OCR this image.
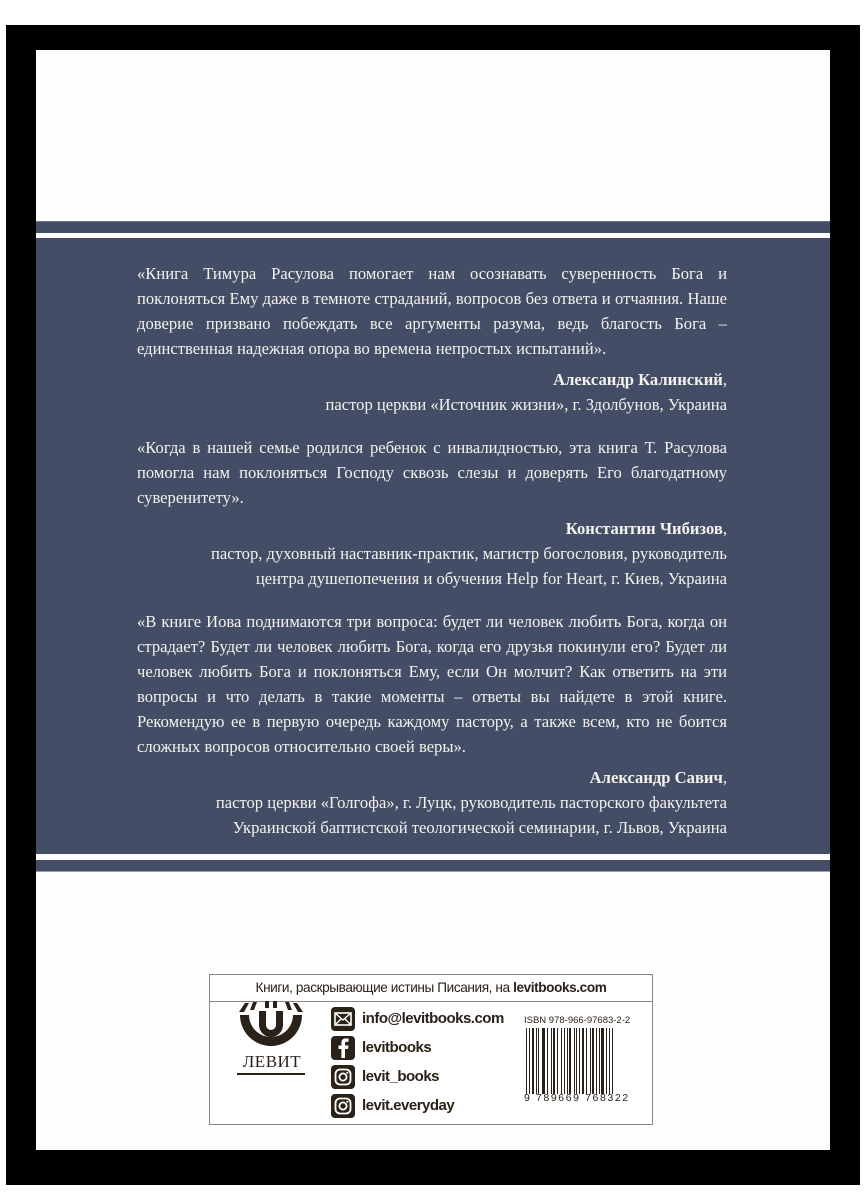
«Книга Тимура Расулова помогает нам осознавать суверенность Бога и поклоняться Ему даже в темноте страданий, вопросов без ответа и отчаяния. Наше доверие призвано побеждать все аргументы разума, ведь благость Бога – единственная надежная опора во времена непростых испытаний».

Александр Калинский,

пастор церкви «Источник жизни», г. Здолбунов, Украина

«Когда в нашей семье родился ребенок с инвалидностью, эта книга Т. Расулова помогла нам поклоняться Господу сквозь слезы и доверять Его благодатному суверенитету».

Константин Чибизов,

пастор, духовный наставник-практик, магистр богословия, руководитель

центра душепопечения и обучения Help for Heart, г. Киев, Украина

«В книге Иова поднимаются три вопроса: будет ли человек любить Бога, когда он страдает? Будет ли человек любить Бога, когда его друзья покинули его? Будет ли человек любить Бога и поклоняться Ему, если Он молчит? Как ответить на эти вопросы и что делать в такие моменты – ответы вы найдете в этой книге. Рекомендую ее в первую очередь каждому пастору, а также всем, кто не боится сложных вопросов относительно своей веры».

Александр Савич,

пастор церкви «Голгофа», г. Луцк, руководитель пасторского факультета

Украинской баптистской теологической семинарии, г. Львов, Украина

Книги, раскрывающие истины Писания, на levitbooks.com
ЛЕВИТ
info@levitbooks.com
levitbooks
levit_books
levit.everyday
ISBN 978-966-97683-2-2
9 789669 768322
